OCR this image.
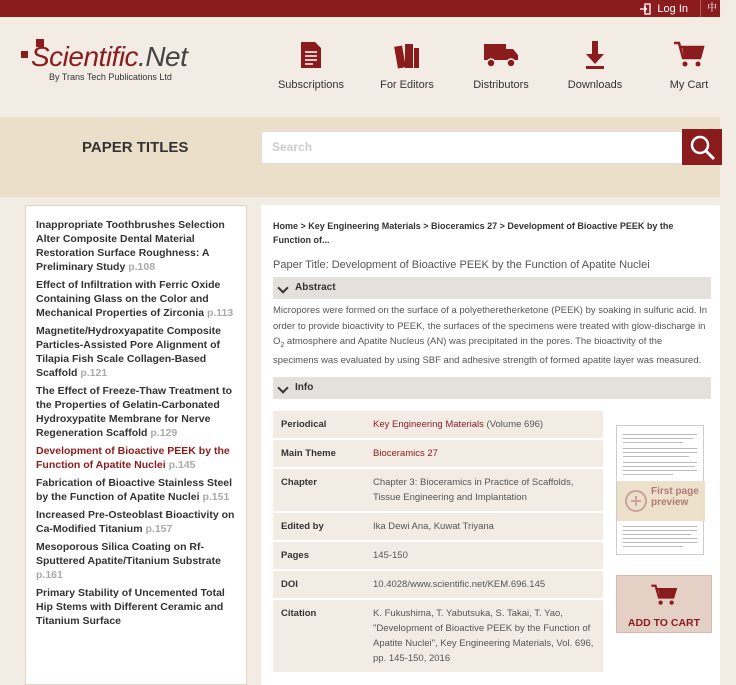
Log In	中
Scientific.Net
By Trans Tech Publications Ltd
Subscriptions	For Editors	Distributors	Downloads	My Cart
PAPER TITLES	Search
Inappropriate Toothbrushes Selection Alter Composite Dental Material Restoration Surface Roughness: A Preliminary Study p.108
Effect of Infiltration with Ferric Oxide Containing Glass on the Color and Mechanical Properties of Zirconia p.113
Magnetite/Hydroxyapatite Composite Particles-Assisted Pore Alignment of Tilapia Fish Scale Collagen-Based Scaffold p.121
The Effect of Freeze-Thaw Treatment to the Properties of Gelatin-Carbonated Hydroxypatite Membrane for Nerve Regeneration Scaffold p.129
Development of Bioactive PEEK by the Function of Apatite Nuclei p.145
Fabrication of Bioactive Stainless Steel by the Function of Apatite Nuclei p.151
Increased Pre-Osteoblast Bioactivity on Ca-Modified Titanium p.157
Mesoporous Silica Coating on Rf-Sputtered Apatite/Titanium Substrate p.161
Primary Stability of Uncemented Total Hip Stems with Different Ceramic and Titanium Surface
Home > Key Engineering Materials > Bioceramics 27 > Development of Bioactive PEEK by the Function of...
Paper Title: Development of Bioactive PEEK by the Function of Apatite Nuclei
Abstract
Micropores were formed on the surface of a polyetheretherketone (PEEK) by soaking in sulfuric acid. In order to provide bioactivity to PEEK, the surfaces of the specimens were treated with glow-discharge in $O_2$ atmosphere and Apatite Nucleus (AN) was precipitated in the pores. The bioactivity of the specimens was evaluated by using SBF and adhesive strength of formed apatite layer was measured.
Info
Periodical	Key Engineering Materials (Volume 696)
Main Theme	Bioceramics 27
Chapter	Chapter 3: Bioceramics in Practice of Scaffolds, Tissue Engineering and Implantation
Edited by	Ika Dewi Ana, Kuwat Triyana
Pages	145-150
DOI	10.4028/www.scientific.net/KEM.696.145
Citation	K. Fukushima, T. Yabutsuka, S. Takai, T. Yao, "Development of Bioactive PEEK by the Function of Apatite Nuclei", Key Engineering Materials, Vol. 696, pp. 145-150, 2016
First page preview
ADD TO CART
